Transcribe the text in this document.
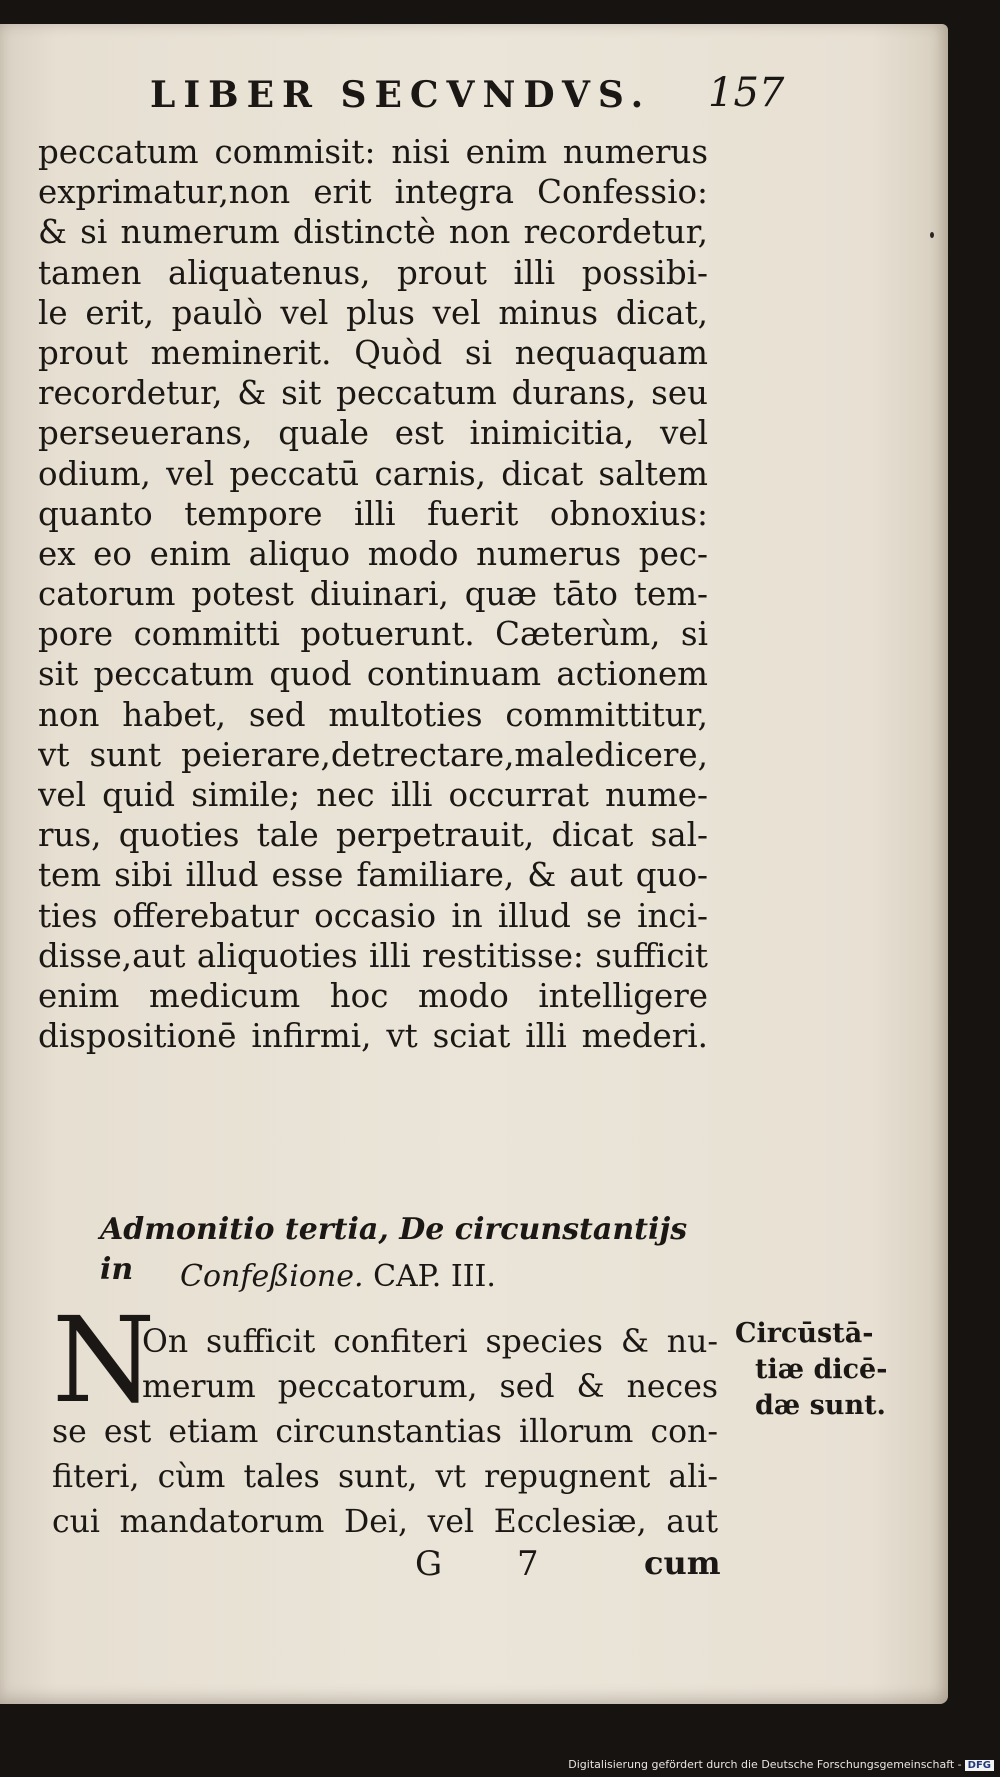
LIBER SECVNDVS. 157
peccatum commisit: nisi enim numerus
exprimatur,non erit integra Confessio:
& si numerum distinctè non recordetur,
tamen aliquatenus, prout illi possibi-
le erit, paulò vel plus vel minus dicat,
prout meminerit. Quòd si nequaquam
recordetur, & sit peccatum durans, seu
perseuerans, quale est inimicitia, vel
odium, vel peccatū carnis, dicat saltem
quanto tempore illi fuerit obnoxius:
ex eo enim aliquo modo numerus pec-
catorum potest diuinari, quæ tāto tem-
pore committi potuerunt. Cæterùm, si
sit peccatum quod continuam actionem
non habet, sed multoties committitur,
vt sunt peierare,detrectare,maledicere,
vel quid simile; nec illi occurrat nume-
rus, quoties tale perpetrauit, dicat sal-
tem sibi illud esse familiare, & aut quo-
ties offerebatur occasio in illud se inci-
disse,aut aliquoties illi restitisse: sufficit
enim medicum hoc modo intelligere
dispositionē infirmi, vt sciat illi mederi.
Admonitio tertia, De circunstantijs in	Confeßione. CAP. III.
N
On sufficit confiteri species & nu-
merum peccatorum, sed & neces
se est etiam circunstantias illorum con-
fiteri, cùm tales sunt, vt repugnent ali-
cui mandatorum Dei, vel Ecclesiæ, aut
Circūstā-
tiæ dicē-
dæ sunt.
G 7 cum
Digitalisierung gefördert durch die Deutsche Forschungsgemeinschaft - DFG
